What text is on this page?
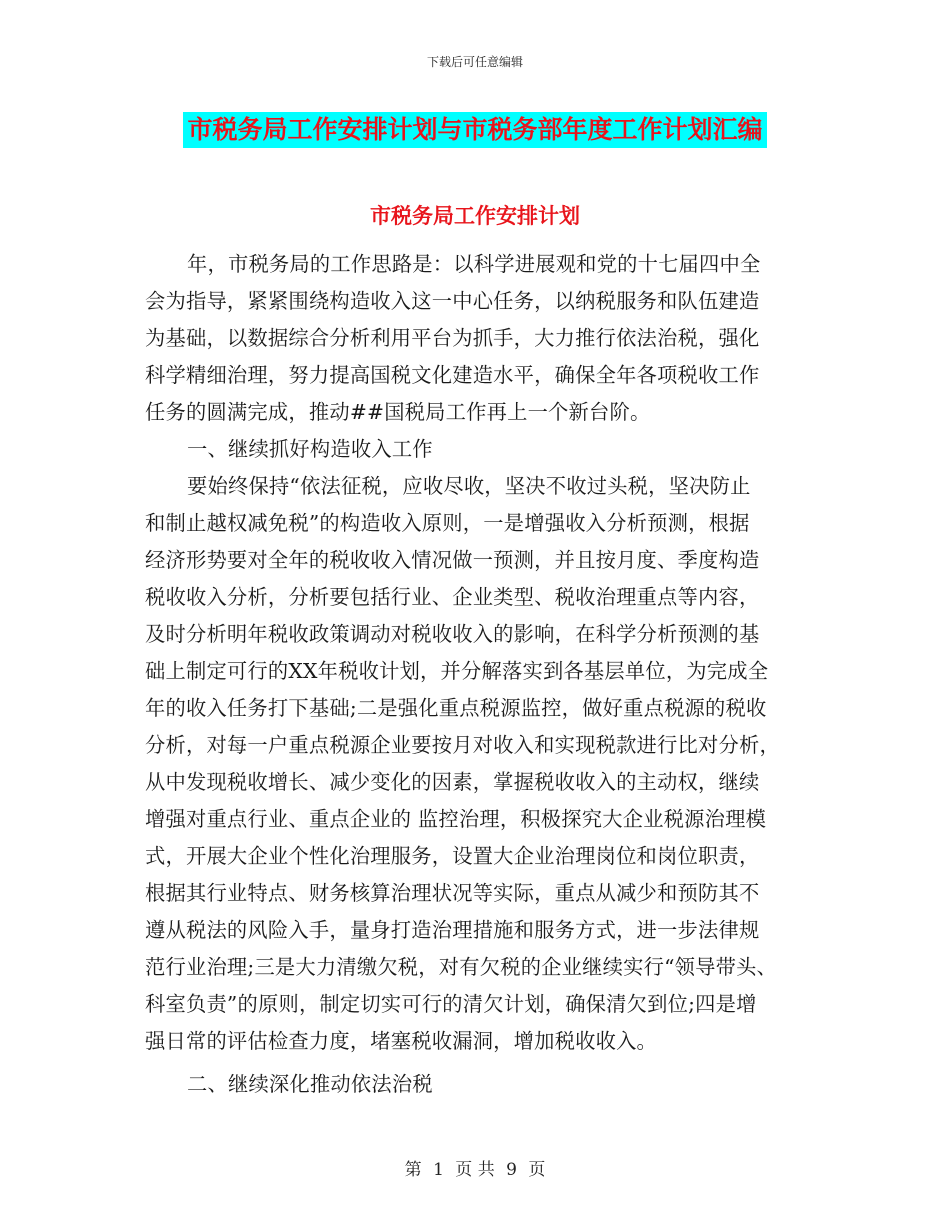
下载后可任意编辑
市税务局工作安排计划与市税务部年度工作计划汇编
市税务局工作安排计划

年，市税务局的工作思路是：以科学进展观和党的十七届四中全
会为指导，紧紧围绕构造收入这一中心任务，以纳税服务和队伍建造
为基础，以数据综合分析利用平台为抓手，大力推行依法治税，强化
科学精细治理，努力提高国税文化建造水平，确保全年各项税收工作
任务的圆满完成，推动##国税局工作再上一个新台阶。

一、继续抓好构造收入工作

要始终保持“依法征税，应收尽收，坚决不收过头税，坚决防止
和制止越权减免税”的构造收入原则，一是增强收入分析预测，根据
经济形势要对全年的税收收入情况做一预测，并且按月度、季度构造
税收收入分析，分析要包括行业、企业类型、税收治理重点等内容，
及时分析明年税收政策调动对税收收入的影响，在科学分析预测的基
础上制定可行的XX年税收计划，并分解落实到各基层单位，为完成全
年的收入任务打下基础;二是强化重点税源监控，做好重点税源的税收
分析，对每一户重点税源企业要按月对收入和实现税款进行比对分析，
从中发现税收增长、减少变化的因素，掌握税收收入的主动权，继续
增强对重点行业、重点企业的 监控治理，积极探究大企业税源治理模
式，开展大企业个性化治理服务，设置大企业治理岗位和岗位职责，
根据其行业特点、财务核算治理状况等实际，重点从减少和预防其不
遵从税法的风险入手，量身打造治理措施和服务方式，进一步法律规
范行业治理;三是大力清缴欠税，对有欠税的企业继续实行“领导带头、
科室负责”的原则，制定切实可行的清欠计划，确保清欠到位;四是增
强日常的评估检查力度，堵塞税收漏洞，增加税收收入。

二、继续深化推动依法治税

第 1 页 共 9 页
